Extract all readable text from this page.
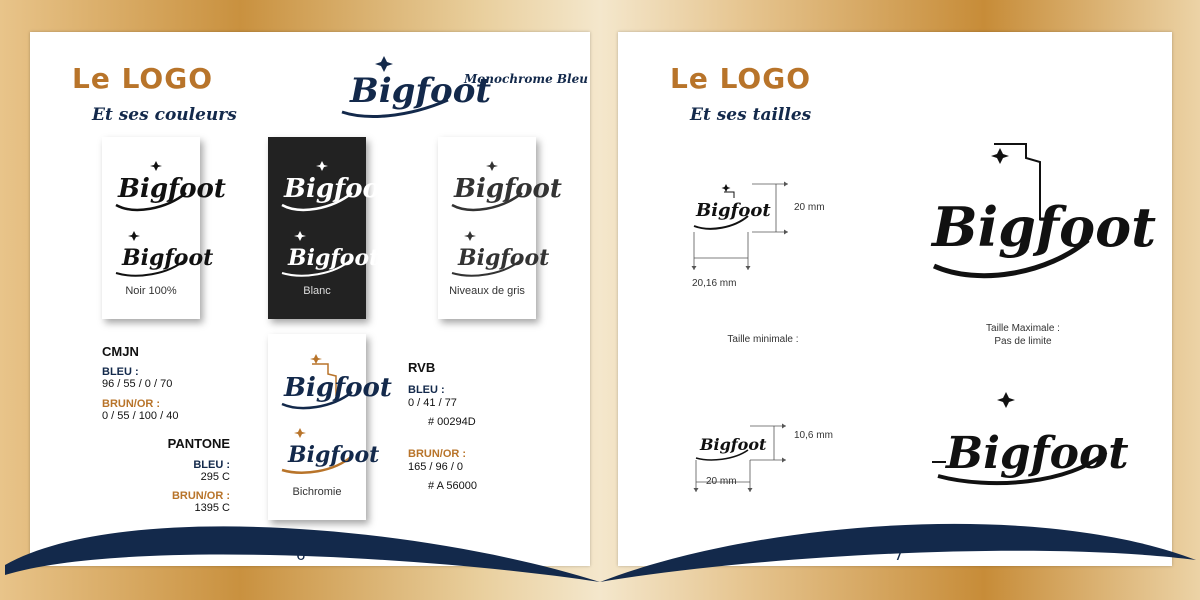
Le LOGO
Et ses couleurs
Bigfoot
Monochrome Bleu
Bigfoot
Bigfoot
Noir 100%
Bigfoot
Bigfoot
Blanc
Bigfoot
Bigfoot
Niveaux de gris
Bigfoot
Bigfoot
Bichromie
CMJN
BLEU :
96 / 55 / 0 / 70
BRUN/OR :
0 / 55 / 100 / 40
PANTONE
BLEU :
295 C
BRUN/OR :
1395 C
RVB
BLEU :
0 / 41 / 77
# 00294D
BRUN/OR :
165 / 96 / 0
# A 56000
Le LOGO
Et ses tailles
Bigfoot 20 mm
20,16 mm
Taille minimale :
Bigfoot
Taille Maximale :
Pas de limite
Bigfoot	10,6 mm
20 mm
Bigfoot
7
